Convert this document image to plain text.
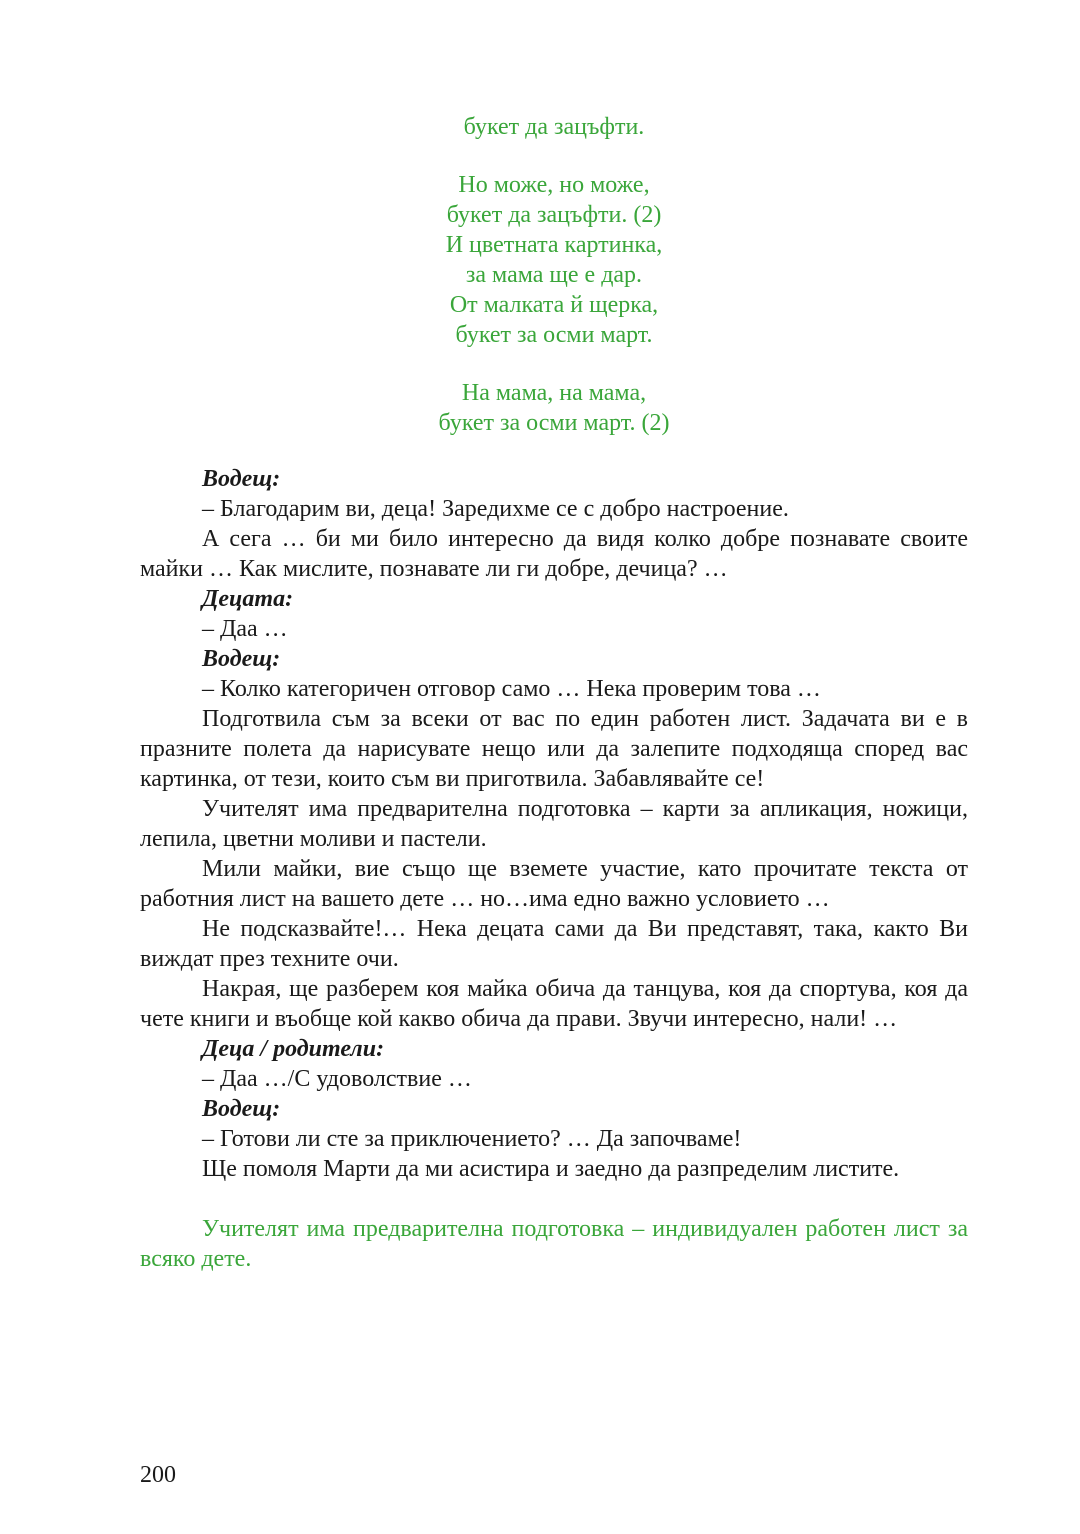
букет да зацъфти.
Но може, но може,
букет да зацъфти. (2)
И цветната картинка,
за мама ще е дар.
От малката й щерка,
букет за осми март.
На мама, на мама,
букет за осми март. (2)

Водещ:

– Благодарим ви, деца! Заредихме се с добро настроение.

А сега … би ми било интересно да видя колко добре познавате своите майки … Как мислите, познавате ли ги добре, дечица? …

Децата:

– Даа …

Водещ:

– Колко категоричен отговор само … Нека проверим това …

Подготвила съм за всеки от вас по един работен лист. Задачата ви е в празните полета да нарисувате нещо или да залепите подходяща според вас картинка, от тези, които съм ви приготвила. Забавлявайте се!

Учителят има предварителна подготовка – карти за апликация, ножици, лепила, цветни моливи и пастели.

Мили майки, вие също ще вземете участие, като прочитате текста от работния лист на вашето дете … но…има едно важно условието …

Не подсказвайте!… Нека децата сами да Ви представят, така, както Ви виждат през техните очи.

Накрая, ще разберем коя майка обича да танцува, коя да спортува, коя да чете книги и въобще кой какво обича да прави. Звучи интересно, нали! …

Деца / родители:

– Даа …/С удоволствие …

Водещ:

– Готови ли сте за приключението? … Да започваме!

Ще помоля Марти да ми асистира и заедно да разпределим листите.

Учителят има предварителна подготовка – индивидуален работен лист за всяко дете.

200
